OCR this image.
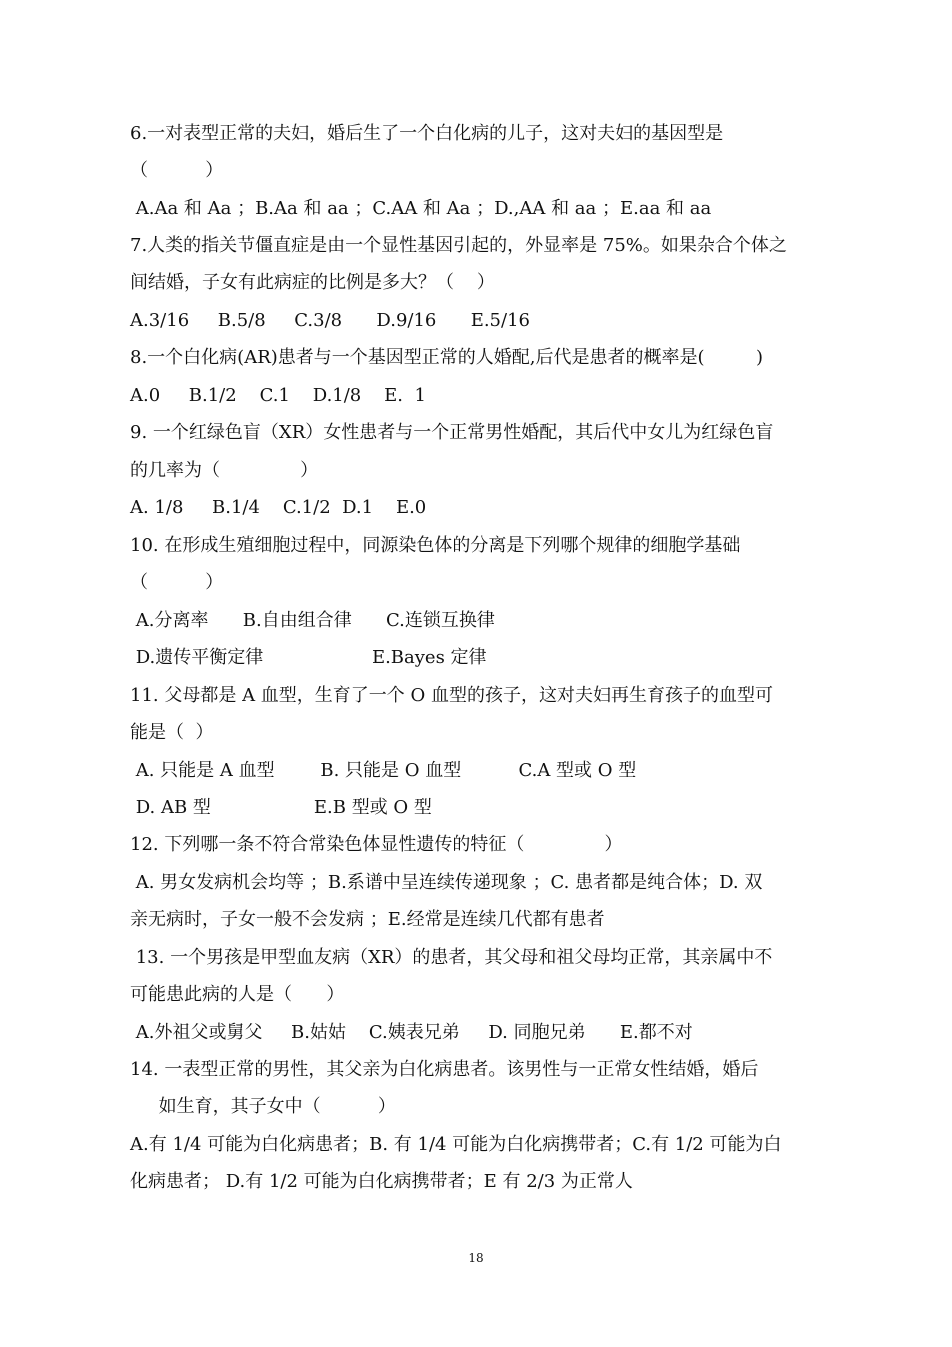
6.一对表型正常的夫妇，婚后生了一个白化病的儿子，这对夫妇的基因型是

（          ）

A.Aa 和 Aa ；B.Aa 和 aa ；C.AA 和 Aa ；D.,AA 和 aa ；E.aa 和 aa

7.人类的指关节僵直症是由一个显性基因引起的，外显率是 75%。如果杂合个体之

间结婚，子女有此病症的比例是多大？（    ）

A.3/16     B.5/8     C.3/8      D.9/16      E.5/16

8.一个白化病(AR)患者与一个基因型正常的人婚配,后代是患者的概率是(         )

A.0     B.1/2    C.1    D.1/8    E.  1

9. 一个红绿色盲（XR）女性患者与一个正常男性婚配，其后代中女儿为红绿色盲

的几率为（              ）

A. 1/8     B.1/4    C.1/2  D.1    E.0

10. 在形成生殖细胞过程中，同源染色体的分离是下列哪个规律的细胞学基础

（          ）

A.分离率      B.自由组合律      C.连锁互换律

D.遗传平衡定律                   E.Bayes 定律

11. 父母都是 A 血型，生育了一个 O 血型的孩子，这对夫妇再生育孩子的血型可

能是（  ）

A. 只能是 A 血型        B. 只能是 O 血型          C.A 型或 O 型

D. AB 型                  E.B 型或 O 型

12. 下列哪一条不符合常染色体显性遗传的特征（              ）

A. 男女发病机会均等 ；B.系谱中呈连续传递现象 ；C. 患者都是纯合体；D. 双

亲无病时，子女一般不会发病 ；E.经常是连续几代都有患者

13. 一个男孩是甲型血友病（XR）的患者，其父母和祖父母均正常，其亲属中不

可能患此病的人是（      ）

A.外祖父或舅父     B.姑姑    C.姨表兄弟     D. 同胞兄弟      E.都不对

14. 一表型正常的男性，其父亲为白化病患者。该男性与一正常女性结婚，婚后

如生育，其子女中（          ）

A.有 1/4 可能为白化病患者；B. 有 1/4 可能为白化病携带者；C.有 1/2 可能为白

化病患者； D.有 1/2 可能为白化病携带者；E 有 2/3 为正常人

18
